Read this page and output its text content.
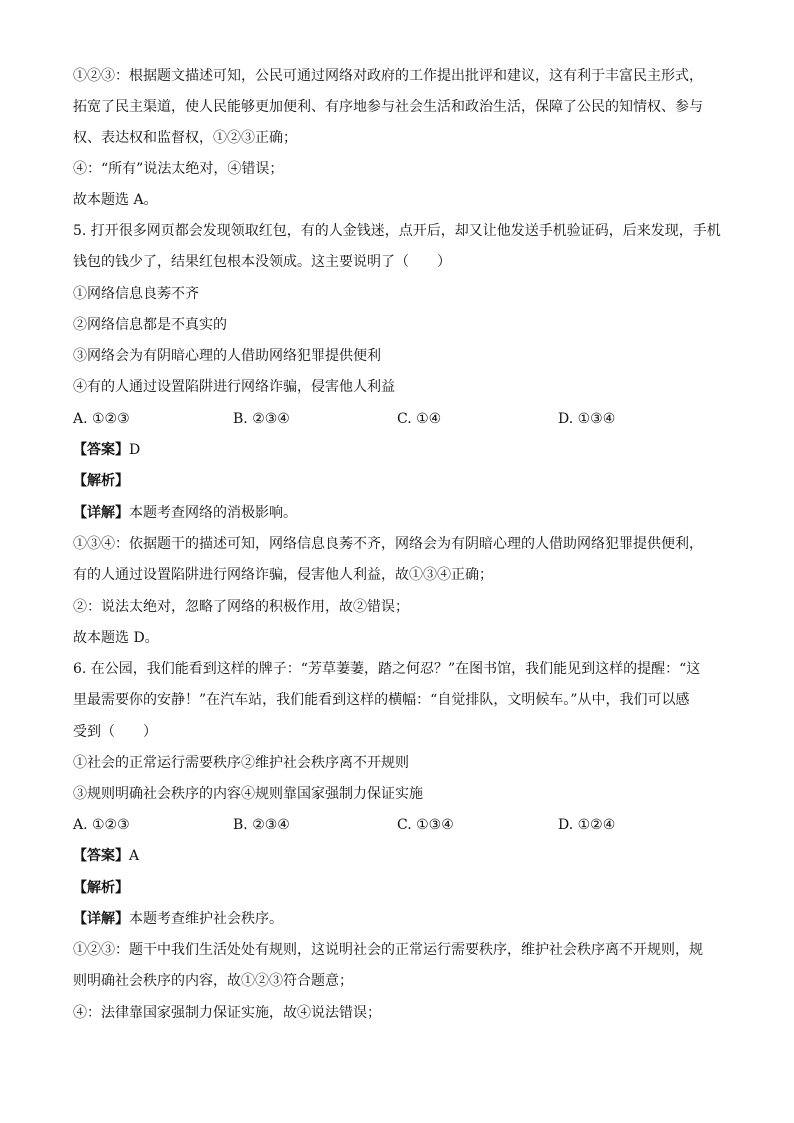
①②③：根据题文描述可知，公民可通过网络对政府的工作提出批评和建议，这有利于丰富民主形式，
拓宽了民主渠道，使人民能够更加便利、有序地参与社会生活和政治生活，保障了公民的知情权、参与
权、表达权和监督权，①②③正确；
④：“所有”说法太绝对，④错误；
故本题选 A。
5. 打开很多网页都会发现领取红包，有的人金钱迷，点开后，却又让他发送手机验证码，后来发现，手机
钱包的钱少了，结果红包根本没领成。这主要说明了（　　）
①网络信息良莠不齐
②网络信息都是不真实的
③网络会为有阴暗心理的人借助网络犯罪提供便利
④有的人通过设置陷阱进行网络诈骗，侵害他人利益
A. ①②③	B. ②③④	C. ①④	D. ①③④
【答案】D
【解析】
【详解】本题考查网络的消极影响。
①③④：依据题干的描述可知，网络信息良莠不齐，网络会为有阴暗心理的人借助网络犯罪提供便利，
有的人通过设置陷阱进行网络诈骗，侵害他人利益，故①③④正确；
②：说法太绝对，忽略了网络的积极作用，故②错误；
故本题选 D。
6. 在公园，我们能看到这样的牌子：“芳草萋萋，踏之何忍？”在图书馆，我们能见到这样的提醒：“这
里最需要你的安静！”在汽车站，我们能看到这样的横幅：“自觉排队，文明候车。”从中，我们可以感
受到（　　）
①社会的正常运行需要秩序②维护社会秩序离不开规则
③规则明确社会秩序的内容④规则靠国家强制力保证实施
A. ①②③	B. ②③④	C. ①③④	D. ①②④
【答案】A
【解析】
【详解】本题考查维护社会秩序。
①②③：题干中我们生活处处有规则，这说明社会的正常运行需要秩序，维护社会秩序离不开规则，规
则明确社会秩序的内容，故①②③符合题意；
④：法律靠国家强制力保证实施，故④说法错误；
